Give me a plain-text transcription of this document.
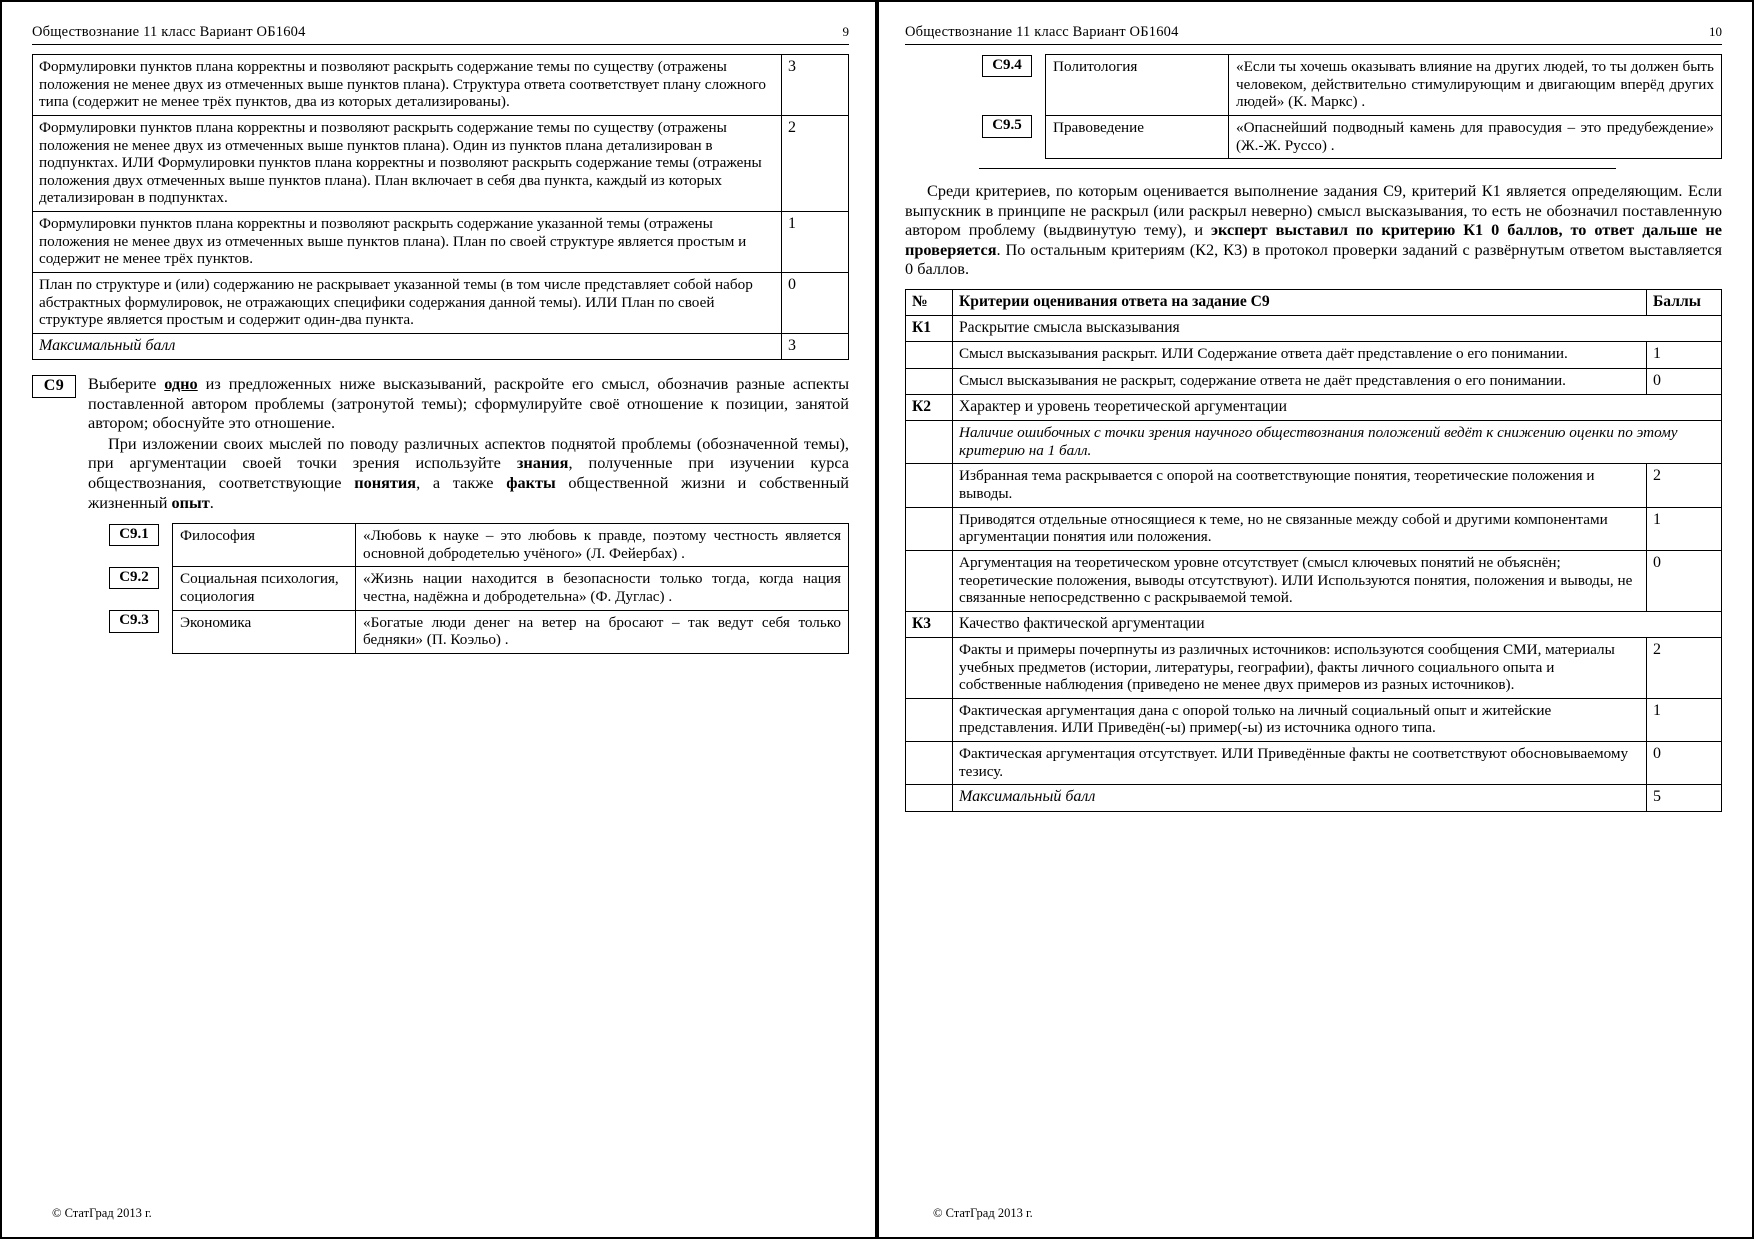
Обществознание 11 класс Вариант ОБ1604	9
Формулировки пунктов плана корректны и позволяют раскрыть содержание темы по существу (отражены положения не менее двух из отмеченных выше пунктов плана). Структура ответа соответствует плану сложного типа (содержит не менее трёх пунктов, два из которых детализированы).	3
Формулировки пунктов плана корректны и позволяют раскрыть содержание темы по существу (отражены положения не менее двух из отмеченных выше пунктов плана). Один из пунктов плана детализирован в подпунктах. ИЛИ Формулировки пунктов плана корректны и позволяют раскрыть содержание темы (отражены положения двух отмеченных выше пунктов плана). План включает в себя два пункта, каждый из которых детализирован в подпунктах.	2
Формулировки пунктов плана корректны и позволяют раскрыть содержание указанной темы (отражены положения не менее двух из отмеченных выше пунктов плана). План по своей структуре является простым и содержит не менее трёх пунктов.	1
План по структуре и (или) содержанию не раскрывает указанной темы (в том числе представляет собой набор абстрактных формулировок, не отражающих специфики содержания данной темы). ИЛИ План по своей структуре является простым и содержит один-два пункта.	0
Максимальный балл	3
С9	Выберите одно из предложенных ниже высказываний, раскройте его смысл, обозначив разные аспекты поставленной автором проблемы (затронутой темы); сформулируйте своё отношение к позиции, занятой автором; обоснуйте это отношение.

При изложении своих мыслей по поводу различных аспектов поднятой проблемы (обозначенной темы), при аргументации своей точки зрения используйте знания, полученные при изучении курса обществознания, соответствующие понятия, а также факты общественной жизни и собственный жизненный опыт.

С9.1	Философия	«Любовь к науке – это любовь к правде, поэтому честность является основной добродетелью учёного» (Л. Фейербах) .
С9.2	Социальная психология, социология	«Жизнь нации находится в безопасности только тогда, когда нация честна, надёжна и добродетельна» (Ф. Дуглас) .
С9.3	Экономика	«Богатые люди денег на ветер на бросают – так ведут себя только бедняки» (П. Коэльо) .
© СтатГрад 2013 г.
Обществознание 11 класс Вариант ОБ1604	10
С9.4	Политология	«Если ты хочешь оказывать влияние на других людей, то ты должен быть человеком, действительно стимулирующим и двигающим вперёд других людей» (К. Маркс) .
С9.5	Правоведение	«Опаснейший подводный камень для правосудия – это предубеждение» (Ж.-Ж. Руссо) .
Среди критериев, по которым оценивается выполнение задания С9, критерий К1 является определяющим. Если выпускник в принципе не раскрыл (или раскрыл неверно) смысл высказывания, то есть не обозначил поставленную автором проблему (выдвинутую тему), и эксперт выставил по критерию К1 0 баллов, то ответ дальше не проверяется. По остальным критериям (К2, К3) в протокол проверки заданий с развёрнутым ответом выставляется 0 баллов.
№	Критерии оценивания ответа на задание С9	Баллы
К1	Раскрытие смысла высказывания	
	Смысл высказывания раскрыт. ИЛИ Содержание ответа даёт представление о его понимании.	1
	Смысл высказывания не раскрыт, содержание ответа не даёт представления о его понимании.	0
К2	Характер и уровень теоретической аргументации	
	Наличие ошибочных с точки зрения научного обществознания положений ведёт к снижению оценки по этому критерию на 1 балл.	
	Избранная тема раскрывается с опорой на соответствующие понятия, теоретические положения и выводы.	2
	Приводятся отдельные относящиеся к теме, но не связанные между собой и другими компонентами аргументации понятия или положения.	1
	Аргументация на теоретическом уровне отсутствует (смысл ключевых понятий не объяснён; теоретические положения, выводы отсутствуют). ИЛИ Используются понятия, положения и выводы, не связанные непосредственно с раскрываемой темой.	0
К3	Качество фактической аргументации	
	Факты и примеры почерпнуты из различных источников: используются сообщения СМИ, материалы учебных предметов (истории, литературы, географии), факты личного социального опыта и собственные наблюдения (приведено не менее двух примеров из разных источников).	2
	Фактическая аргументация дана с опорой только на личный социальный опыт и житейские представления. ИЛИ Приведён(-ы) пример(-ы) из источника одного типа.	1
	Фактическая аргументация отсутствует. ИЛИ Приведённые факты не соответствуют обосновываемому тезису.	0
	Максимальный балл	5
© СтатГрад 2013 г.
